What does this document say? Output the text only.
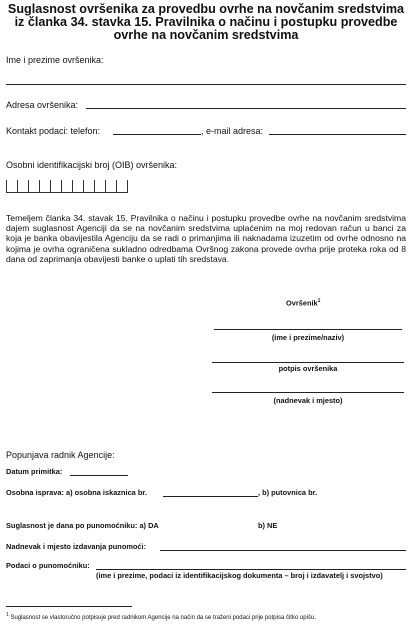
Suglasnost ovršenika za provedbu ovrhe na novčanim sredstvima
iz članka 34. stavka 15. Pravilnika o načinu i postupku provedbe
ovrhe na novčanim sredstvima
Ime i prezime ovršenika:
Adresa ovršenika:
Kontakt podaci: telefon:	, e-mail adresa:
Osobni identifikacijski broj (OIB) ovršenika:
Temeljem članka 34. stavak 15. Pravilnika o načinu i postupku provedbe ovrhe na novčanim sredstvima dajem suglasnost Agenciji da se na novčanim sredstvima uplaćenim na moj redovan račun u banci za koja je banka obavijestila Agenciju da se radi o primanjima ili naknadama izuzetim od ovrhe odnosno na kojima je ovrha ograničena sukladno odredbama Ovršnog zakona provede ovrha prije proteka roka od 8 dana od zaprimanja obavijesti banke o uplati tih sredstava.
Ovršenik$^1$
(ime i prezime/naziv)
potpis ovršenika
(nadnevak i mjesto)
Popunjava radnik Agencije:
Datum primitka:
Osobna isprava: a) osobna iskaznica br.	, b) putovnica br.
Suglasnost je dana po punomoćniku: a) DA	b) NE
Nadnevak i mjesto izdavanja punomoći:
Podaci o punomoćniku:
(ime i prezime, podaci iz identifikacijskog dokumenta – broj i izdavatelj i svojstvo)
$^1$ Suglasnost se vlastoručno potpisuje pred radnikom Agencije na način da se traženi podaci prije potpisa čitko upišu.
